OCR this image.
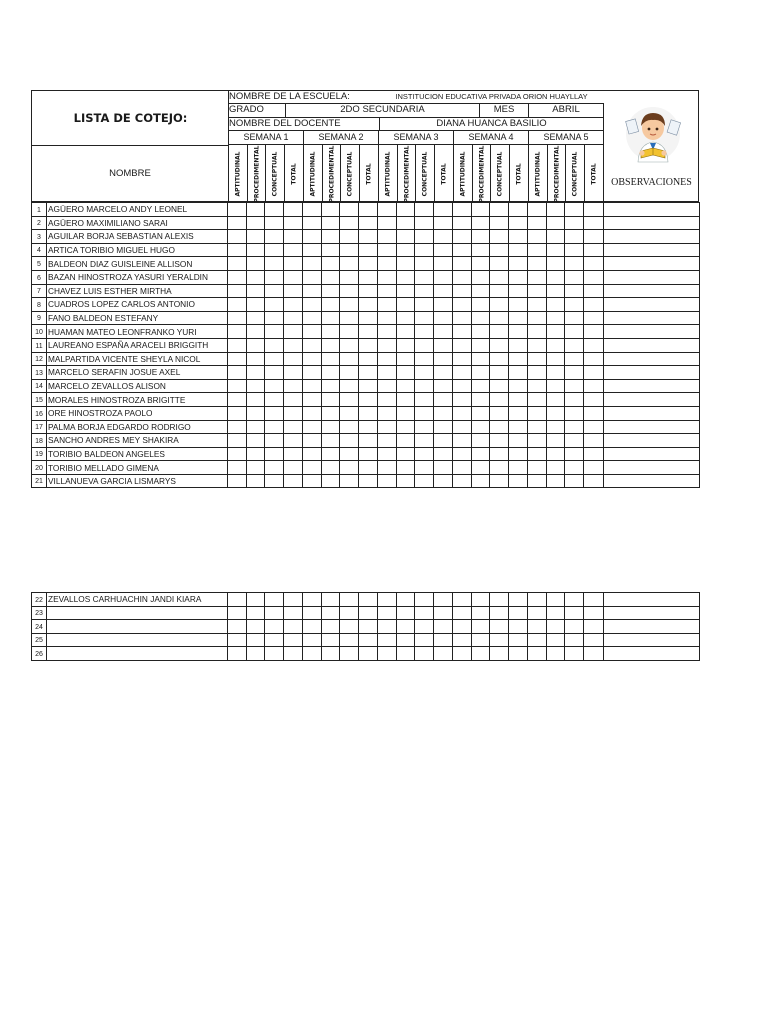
LISTA DE COTEJO:
NOMBRE DE LA ESCUELA:	INSTITUCION EDUCATIVA PRIVADA ORION HUAYLLAY
GRADO	2DO SECUNDARIA	MES	ABRIL
NOMBRE DEL DOCENTE	DIANA HUANCA BASILIO
SEMANA 1	SEMANA 2	SEMANA 3	SEMANA 4	SEMANA 5
NOMBRE	APTITUDINAL PROCEDIMENTAL CONCEPTUAL TOTAL APTITUDINAL PROCEDIMENTAL CONCEPTUAL TOTAL APTITUDINAL PROCEDIMENTAL CONCEPTUAL TOTAL APTITUDINAL PROCEDIMENTAL CONCEPTUAL TOTAL APTITUDINAL PROCEDIMENTAL CONCEPTUAL TOTAL	OBSERVACIONES
1	AGÜERO MARCELO ANDY LEONEL																					
2	AGÜERO MAXIMILIANO SARAI																					
3	AGUILAR BORJA SEBASTIAN ALEXIS																					
4	ARTICA TORIBIO MIGUEL HUGO																					
5	BALDEON DIAZ GUISLEINE ALLISON																					
6	BAZAN HINOSTROZA YASURI YERALDIN																					
7	CHAVEZ LUIS ESTHER MIRTHA																					
8	CUADROS LOPEZ CARLOS ANTONIO																					
9	FANO BALDEON ESTEFANY																					
10	HUAMAN MATEO LEONFRANKO YURI																					
11	LAUREANO ESPAÑA ARACELI BRIGGITH																					
12	MALPARTIDA VICENTE SHEYLA NICOL																					
13	MARCELO SERAFIN JOSUE AXEL																					
14	MARCELO ZEVALLOS ALISON																					
15	MORALES HINOSTROZA BRIGITTE																					
16	ORE HINOSTROZA PAOLO																					
17	PALMA BORJA EDGARDO RODRIGO																					
18	SANCHO ANDRES MEY SHAKIRA																					
19	TORIBIO BALDEON ANGELES																					
20	TORIBIO MELLADO GIMENA																					
21	VILLANUEVA GARCIA LISMARYS																					
22	ZEVALLOS CARHUACHIN JANDI KIARA																					
23																						
24																						
25																						
26																						
